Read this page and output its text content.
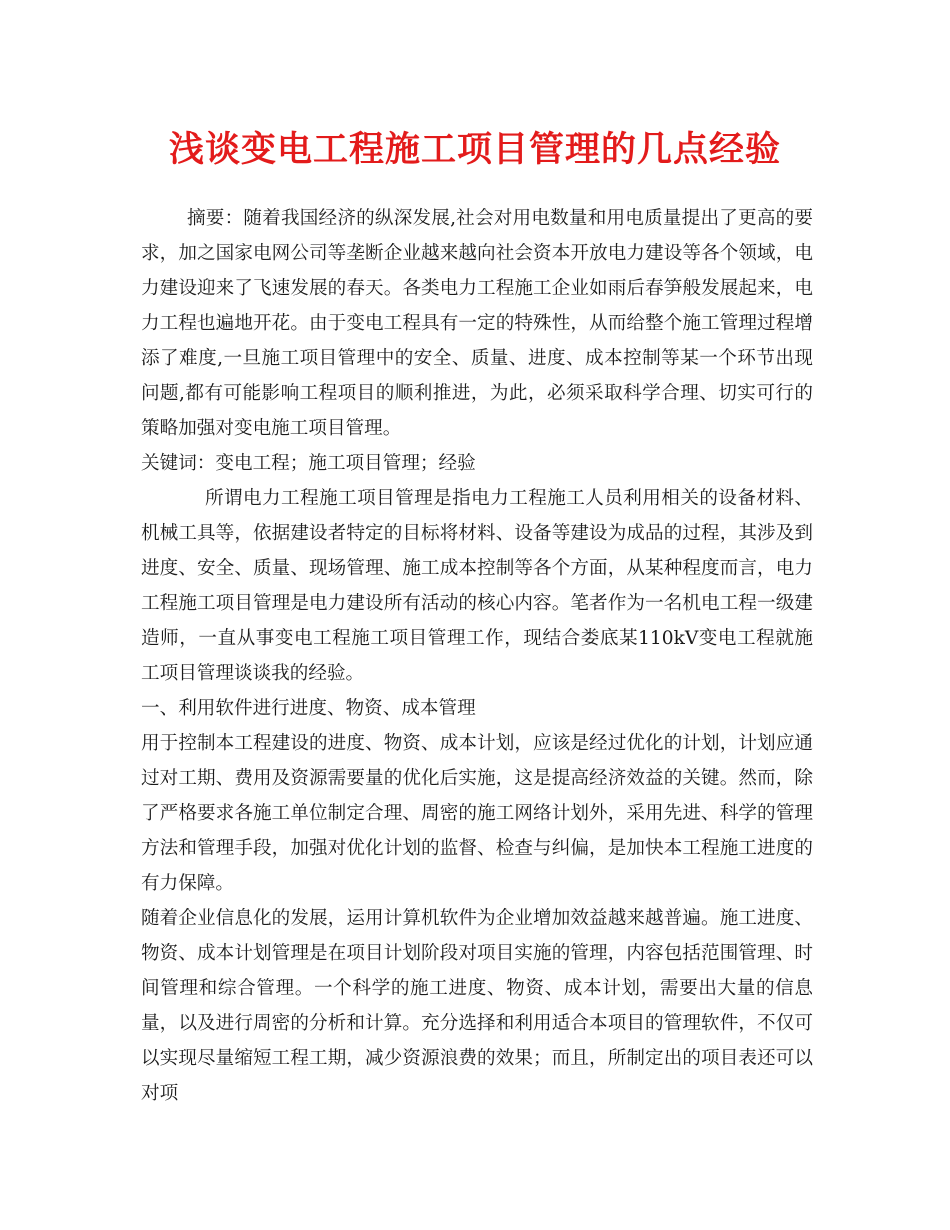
浅谈变电工程施工项目管理的几点经验

摘要：随着我国经济的纵深发展,社会对用电数量和用电质量提出了更高的要求，加之国家电网公司等垄断企业越来越向社会资本开放电力建设等各个领域，电力建设迎来了飞速发展的春天。各类电力工程施工企业如雨后春笋般发展起来，电力工程也遍地开花。由于变电工程具有一定的特殊性，从而给整个施工管理过程增添了难度,一旦施工项目管理中的安全、质量、进度、成本控制等某一个环节出现问题,都有可能影响工程项目的顺利推进，为此，必须采取科学合理、切实可行的策略加强对变电施工项目管理。

关键词：变电工程；施工项目管理；经验

所谓电力工程施工项目管理是指电力工程施工人员利用相关的设备材料、机械工具等，依据建设者特定的目标将材料、设备等建设为成品的过程，其涉及到进度、安全、质量、现场管理、施工成本控制等各个方面，从某种程度而言，电力工程施工项目管理是电力建设所有活动的核心内容。笔者作为一名机电工程一级建造师，一直从事变电工程施工项目管理工作，现结合娄底某110kV变电工程就施工项目管理谈谈我的经验。

一、利用软件进行进度、物资、成本管理

用于控制本工程建设的进度、物资、成本计划，应该是经过优化的计划，计划应通过对工期、费用及资源需要量的优化后实施，这是提高经济效益的关键。然而，除了严格要求各施工单位制定合理、周密的施工网络计划外，采用先进、科学的管理方法和管理手段，加强对优化计划的监督、检查与纠偏，是加快本工程施工进度的有力保障。

随着企业信息化的发展，运用计算机软件为企业增加效益越来越普遍。施工进度、物资、成本计划管理是在项目计划阶段对项目实施的管理，内容包括范围管理、时间管理和综合管理。一个科学的施工进度、物资、成本计划，需要出大量的信息量，以及进行周密的分析和计算。充分选择和利用适合本项目的管理软件，不仅可以实现尽量缩短工程工期，减少资源浪费的效果；而且，所制定出的项目表还可以对项
